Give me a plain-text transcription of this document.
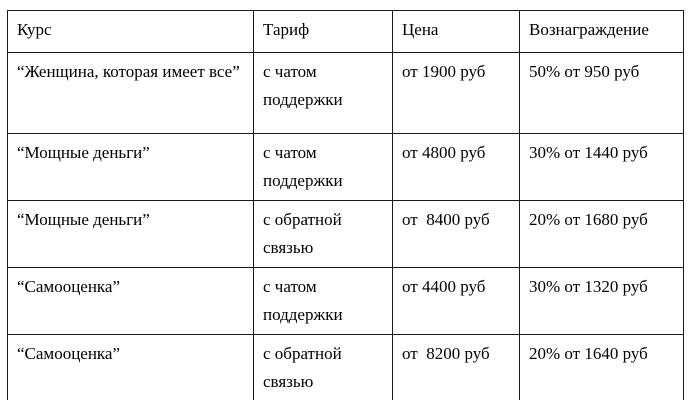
Курс	Тариф	Цена	Вознаграждение
“Женщина, которая имеет все”	с чатом поддержки	от 1900 руб	50% от 950 руб
“Мощные деньги”	с чатом поддержки	от 4800 руб	30% от 1440 руб
“Мощные деньги”	с обратной связью	от  8400 руб	20% от 1680 руб
“Самооценка”	с чатом поддержки	от 4400 руб	30% от 1320 руб
“Самооценка”	с обратной связью	от  8200 руб	20% от 1640 руб
